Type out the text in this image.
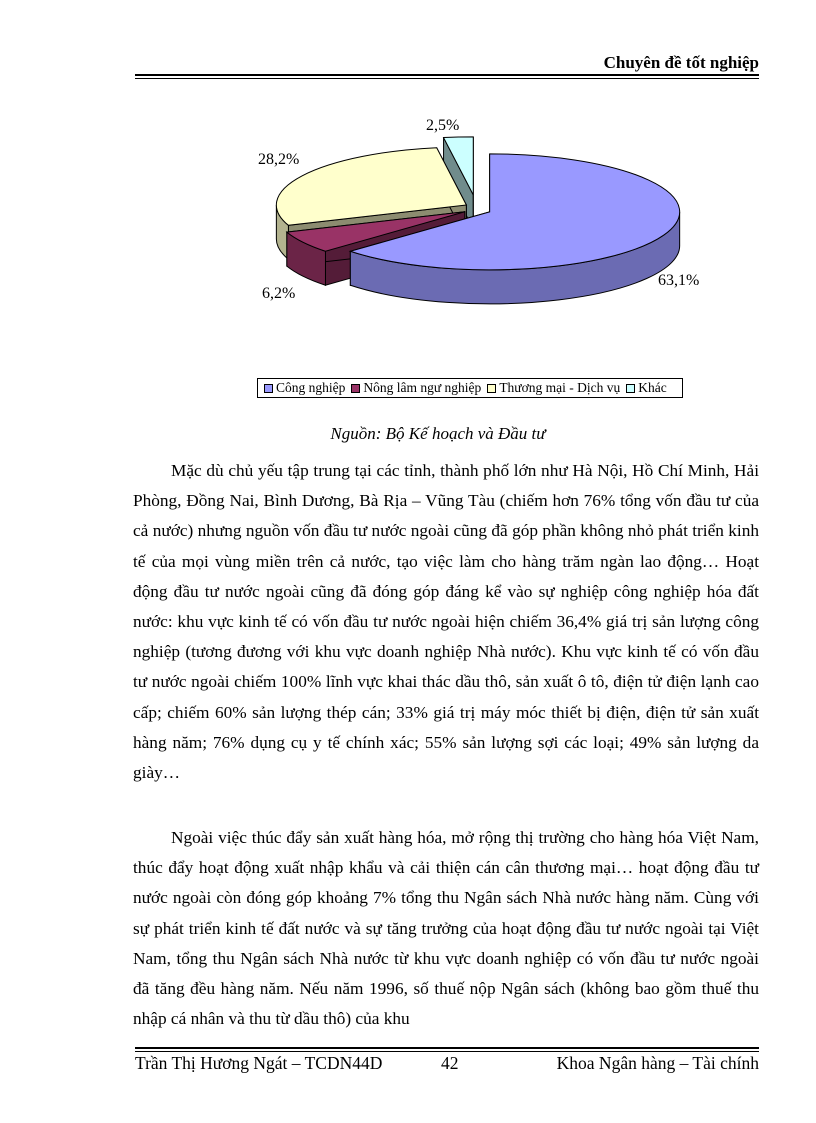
Chuyên đề tốt nghiệp
63,1%
6,2%
28,2%
2,5%
Công nghiệp Nông lâm ngư nghiệp Thương mại - Dịch vụ Khác
Nguồn: Bộ Kế hoạch và Đầu tư

Mặc dù chủ yếu tập trung tại các tỉnh, thành phố lớn như Hà Nội, Hồ Chí Minh, Hải Phòng, Đồng Nai, Bình Dương, Bà Rịa – Vũng Tàu (chiếm hơn 76% tổng vốn đầu tư của cả nước) nhưng nguồn vốn đầu tư nước ngoài cũng đã góp phần không nhỏ phát triển kinh tế của mọi vùng miền trên cả nước, tạo việc làm cho hàng trăm ngàn lao động… Hoạt động đầu tư nước ngoài cũng đã đóng góp đáng kể vào sự nghiệp công nghiệp hóa đất nước: khu vực kinh tế có vốn đầu tư nước ngoài hiện chiếm 36,4% giá trị sản lượng công nghiệp (tương đương với khu vực doanh nghiệp Nhà nước). Khu vực kinh tế có vốn đầu tư nước ngoài chiếm 100% lĩnh vực khai thác dầu thô, sản xuất ô tô, điện tử điện lạnh cao cấp; chiếm 60% sản lượng thép cán; 33% giá trị máy móc thiết bị điện, điện tử sản xuất hàng năm; 76% dụng cụ y tế chính xác; 55% sản lượng sợi các loại; 49% sản lượng da giày…

Ngoài việc thúc đẩy sản xuất hàng hóa, mở rộng thị trường cho hàng hóa Việt Nam, thúc đẩy hoạt động xuất nhập khẩu và cải thiện cán cân thương mại… hoạt động đầu tư nước ngoài còn đóng góp khoảng 7% tổng thu Ngân sách Nhà nước hàng năm. Cùng với sự phát triển kinh tế đất nước và sự tăng trưởng của hoạt động đầu tư nước ngoài tại Việt Nam, tổng thu Ngân sách Nhà nước từ khu vực doanh nghiệp có vốn đầu tư nước ngoài đã tăng đều hàng năm. Nếu năm 1996, số thuế nộp Ngân sách (không bao gồm thuế thu nhập cá nhân và thu từ dầu thô) của khu

Trần Thị Hương Ngát – TCDN44D	42	Khoa Ngân hàng – Tài chính
